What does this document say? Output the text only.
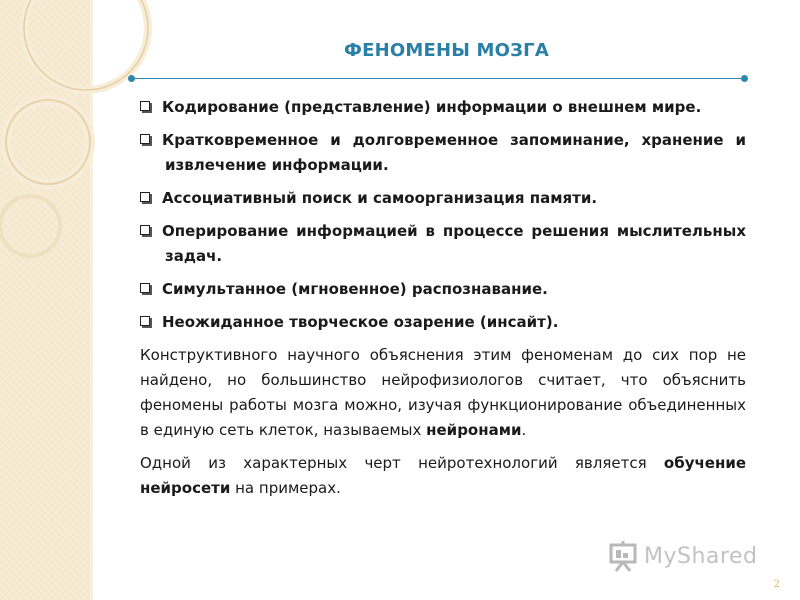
ФЕНОМЕНЫ МОЗГА
Кодирование (представление) информации о внешнем мире.
Кратковременное и долговременное запоминание, хранение и извлечение информации.
Ассоциативный поиск и самоорганизация памяти.
Оперирование информацией в процессе решения мыслительных задач.
Симультанное (мгновенное) распознавание.
Неожиданное творческое озарение (инсайт).

Конструктивного научного объяснения этим феноменам до сих пор не найдено, но большинство нейрофизиологов считает, что объяснить феномены работы мозга можно, изучая функционирование объединенных в единую сеть клеток, называемых нейронами.

Одной из характерных черт нейротехнологий является обучение нейросети на примерах.

MyShared
2
